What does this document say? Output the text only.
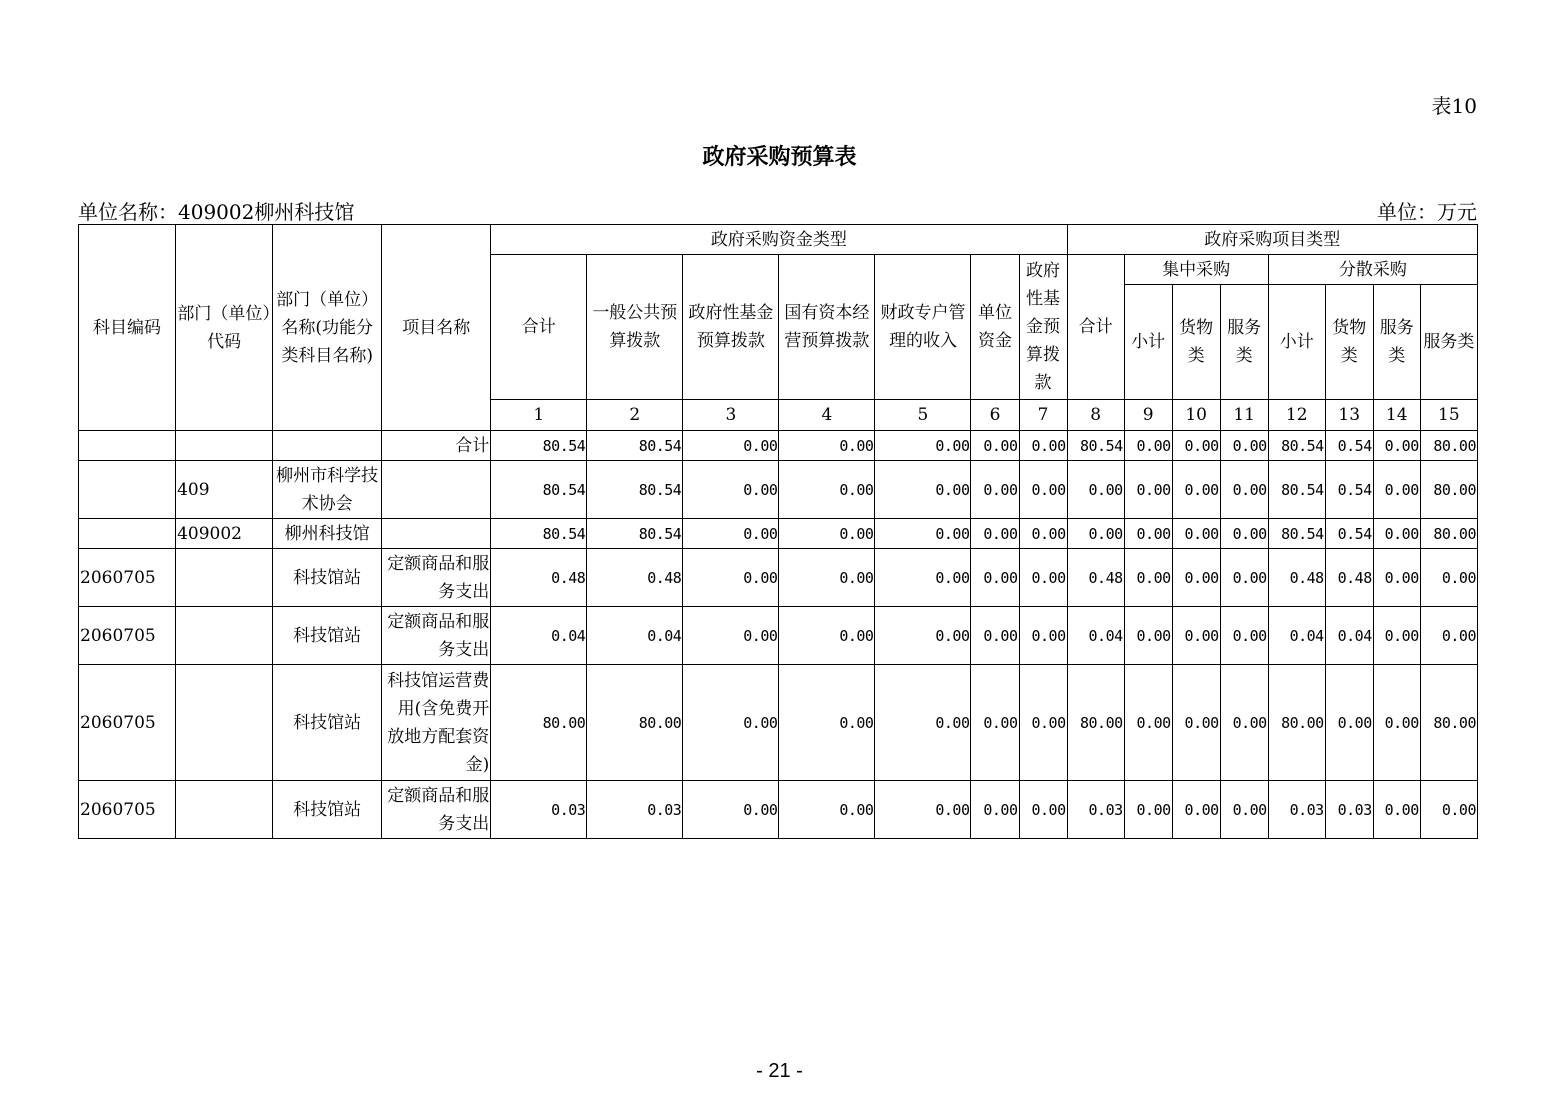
表10
政府采购预算表
单位名称：409002柳州科技馆	单位：万元
科目编码	部门（单位）代码	部门（单位）名称(功能分类科目名称)	项目名称	政府采购资金类型							政府采购项目类型							
				合计	一般公共预算拨款	政府性基金预算拨款	国有资本经营预算拨款	财政专户管理的收入	单位资金	政府性基金预算拨款	合计	集中采购			分散采购			
												小计	货物类	服务类	小计	货物类	服务类	服务类
				1	2	3	4	5	6	7	8	9	10	11	12	13	14	15
			合计	80.54	80.54	0.00	0.00	0.00	0.00	0.00	80.54	0.00	0.00	0.00	80.54	0.54	0.00	80.00
	409	柳州市科学技术协会		80.54	80.54	0.00	0.00	0.00	0.00	0.00	0.00	0.00	0.00	0.00	80.54	0.54	0.00	80.00
	409002	柳州科技馆		80.54	80.54	0.00	0.00	0.00	0.00	0.00	0.00	0.00	0.00	0.00	80.54	0.54	0.00	80.00
2060705		科技馆站	定额商品和服务支出	0.48	0.48	0.00	0.00	0.00	0.00	0.00	0.48	0.00	0.00	0.00	0.48	0.48	0.00	0.00
2060705		科技馆站	定额商品和服务支出	0.04	0.04	0.00	0.00	0.00	0.00	0.00	0.04	0.00	0.00	0.00	0.04	0.04	0.00	0.00
2060705		科技馆站	科技馆运营费用(含免费开放地方配套资金)	80.00	80.00	0.00	0.00	0.00	0.00	0.00	80.00	0.00	0.00	0.00	80.00	0.00	0.00	80.00
2060705		科技馆站	定额商品和服务支出	0.03	0.03	0.00	0.00	0.00	0.00	0.00	0.03	0.00	0.00	0.00	0.03	0.03	0.00	0.00
- 21 -
